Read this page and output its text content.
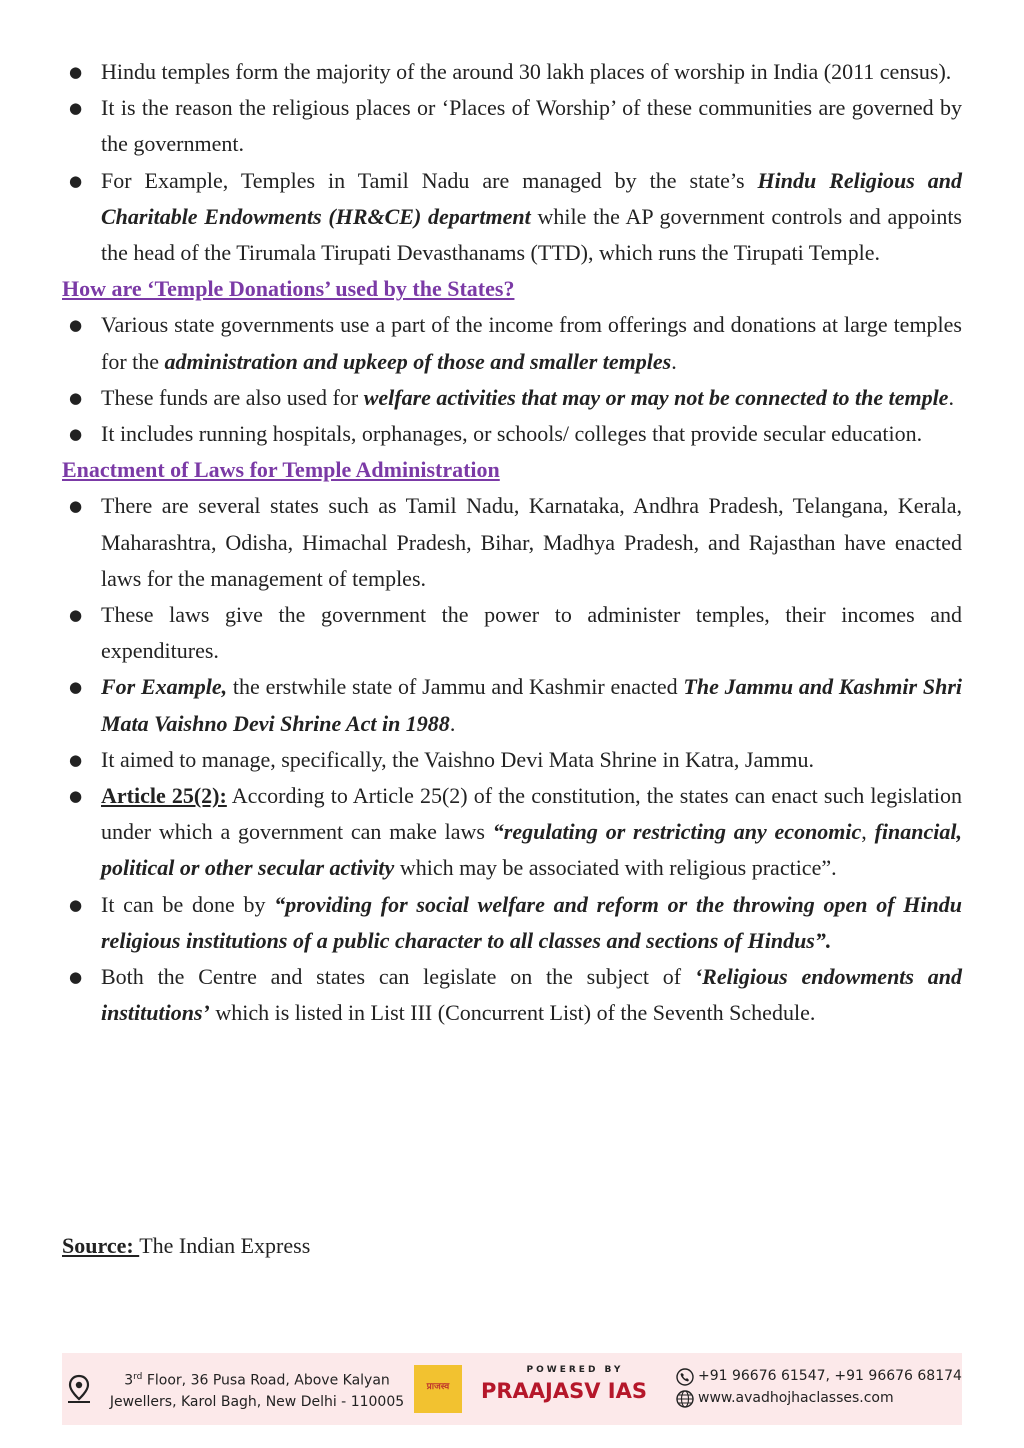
● Hindu temples form the majority of the around 30 lakh places of worship in India (2011 census).
● It is the reason the religious places or ‘Places of Worship’ of these communities are governed by the government.
● For Example, Temples in Tamil Nadu are managed by the state’s Hindu Religious and Charitable Endowments (HR&CE) department while the AP government controls and appoints the head of the Tirumala Tirupati Devasthanams (TTD), which runs the Tirupati Temple.
How are ‘Temple Donations’ used by the States?
● Various state governments use a part of the income from offerings and donations at large temples for the administration and upkeep of those and smaller temples.
● These funds are also used for welfare activities that may or may not be connected to the temple.
● It includes running hospitals, orphanages, or schools/ colleges that provide secular education.
Enactment of Laws for Temple Administration
● There are several states such as Tamil Nadu, Karnataka, Andhra Pradesh, Telangana, Kerala, Maharashtra, Odisha, Himachal Pradesh, Bihar, Madhya Pradesh, and Rajasthan have enacted laws for the management of temples.
● These laws give the government the power to administer temples, their incomes and expenditures.
● For Example, the erstwhile state of Jammu and Kashmir enacted The Jammu and Kashmir Shri Mata Vaishno Devi Shrine Act in 1988.
● It aimed to manage, specifically, the Vaishno Devi Mata Shrine in Katra, Jammu.
● Article 25(2): According to Article 25(2) of the constitution, the states can enact such legislation under which a government can make laws “regulating or restricting any economic, financial, political or other secular activity which may be associated with religious practice”.
● It can be done by “providing for social welfare and reform or the throwing open of Hindu religious institutions of a public character to all classes and sections of Hindus”.
● Both the Centre and states can legislate on the subject of ‘Religious endowments and institutions’ which is listed in List III (Concurrent List) of the Seventh Schedule.
Source: The Indian Express
3rd Floor, 36 Pusa Road, Above Kalyan Jewellers, Karol Bagh, New Delhi - 110005
प्राजस्व
POWERED BY
PRAAJASV IAS
+91 96676 61547, +91 96676 68174
www.avadhojhaclasses.com
